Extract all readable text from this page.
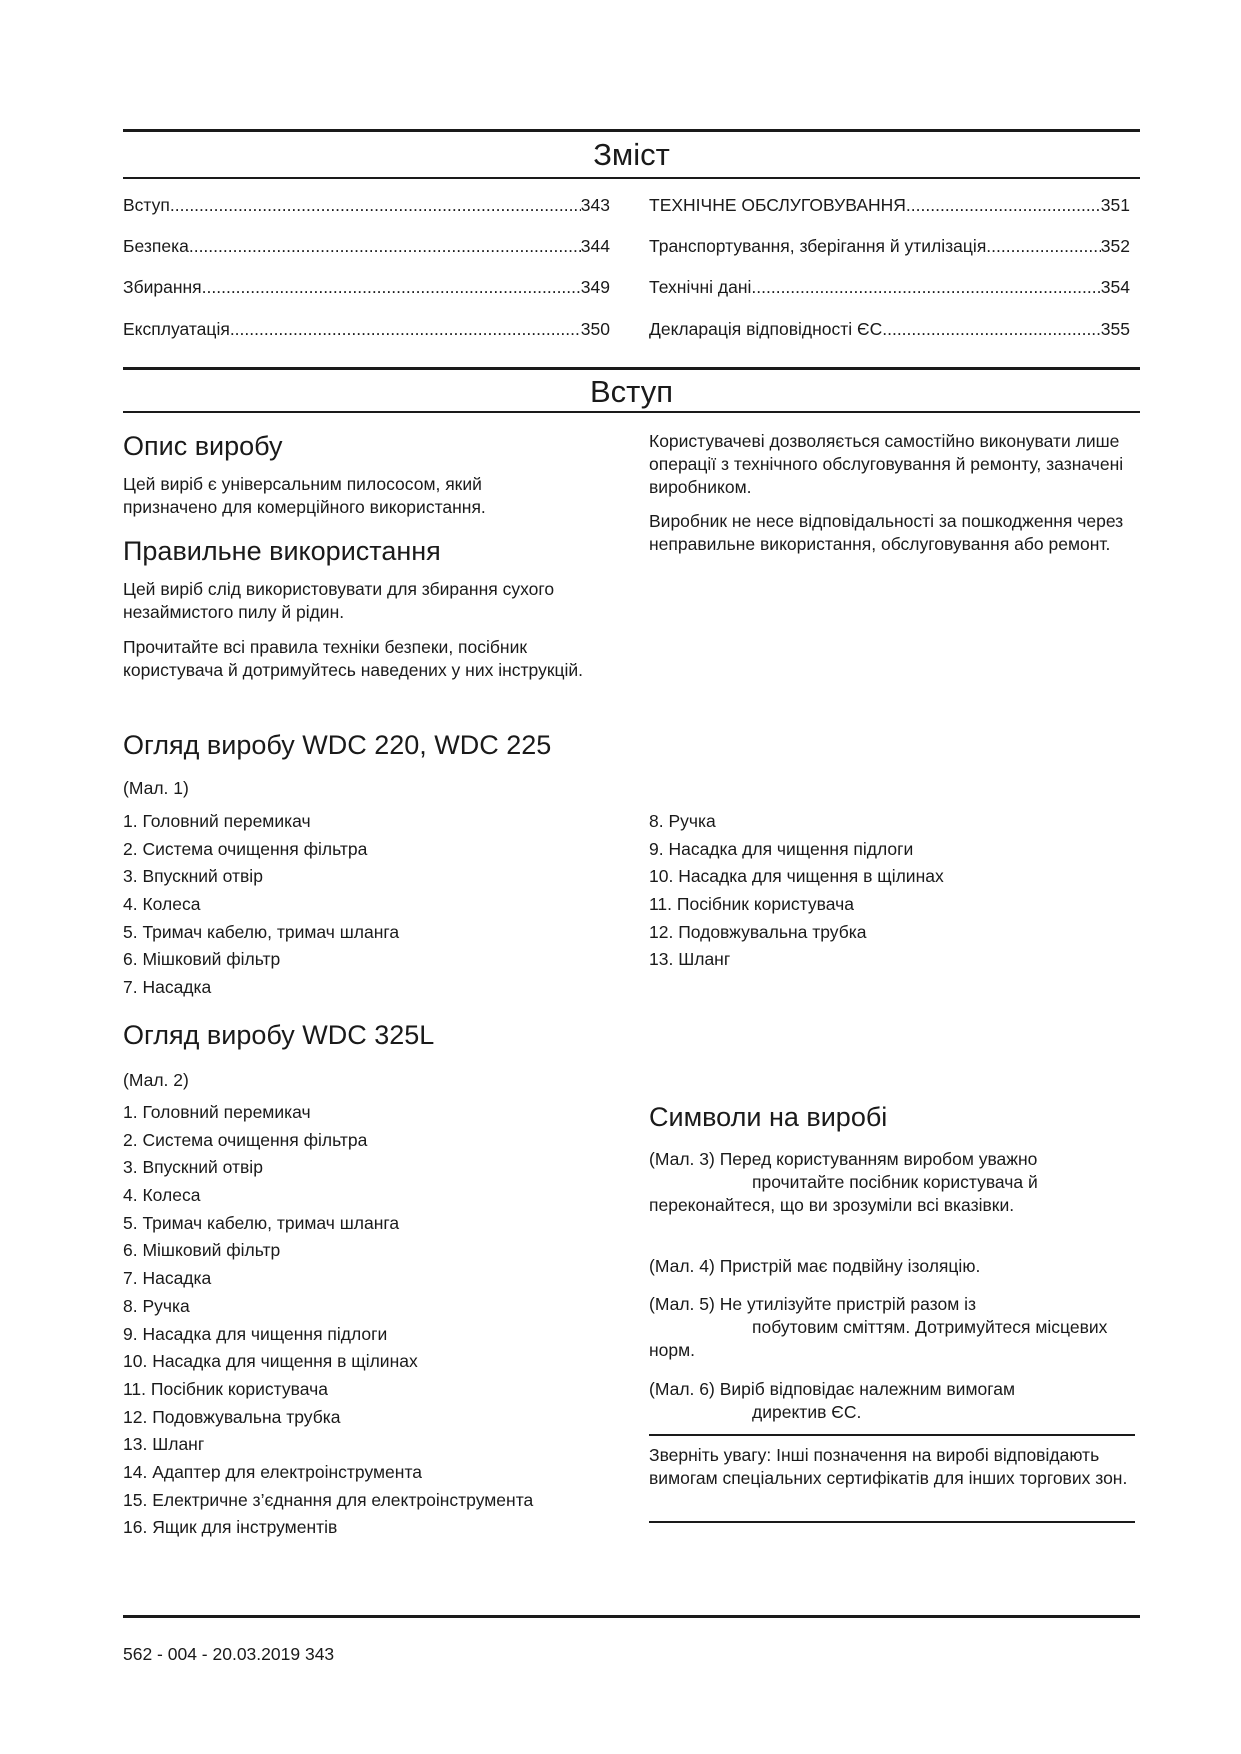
Зміст
Вступ .....	343
Безпека .....	344
Збирання .....	349
Експлуатація .....	350
ТЕХНІЧНЕ ОБСЛУГОВУВАННЯ .....	351
Транспортування, зберігання й утилізація .....	352
Технічні дані .....	354
Декларація відповідності ЄС .....	355
Вступ
Опис виробу
Цей виріб є універсальним пилососом, який призначено для комерційного використання.
Правильне використання
Цей виріб слід використовувати для збирання сухого незаймистого пилу й рідин.
Прочитайте всі правила техніки безпеки, посібник користувача й дотримуйтесь наведених у них інструкцій.
Користувачеві дозволяється самостійно виконувати лише операції з технічного обслуговування й ремонту, зазначені виробником.
Виробник не несе відповідальності за пошкодження через неправильне використання, обслуговування або ремонт.
Огляд виробу WDC 220, WDC 225
(Мал. 1)
1. Головний перемикач
2. Система очищення фільтра
3. Впускний отвір
4. Колеса
5. Тримач кабелю, тримач шланга
6. Мішковий фільтр
7. Насадка
8. Ручка
9. Насадка для чищення підлоги
10. Насадка для чищення в щілинах
11. Посібник користувача
12. Подовжувальна трубка
13. Шланг
Огляд виробу WDC 325L
(Мал. 2)
1. Головний перемикач
2. Система очищення фільтра
3. Впускний отвір
4. Колеса
5. Тримач кабелю, тримач шланга
6. Мішковий фільтр
7. Насадка
8. Ручка
9. Насадка для чищення підлоги
10. Насадка для чищення в щілинах
11. Посібник користувача
12. Подовжувальна трубка
13. Шланг
14. Адаптер для електроінструмента
15. Електричне з’єднання для електроінструмента
16. Ящик для інструментів
Символи на виробі
(Мал. 3) Перед користуванням виробом уважно прочитайте посібник користувача й переконайтеся, що ви зрозуміли всі вказівки.
(Мал. 4) Пристрій має подвійну ізоляцію.
(Мал. 5) Не утилізуйте пристрій разом із побутовим сміттям. Дотримуйтеся місцевих норм.
(Мал. 6) Виріб відповідає належним вимогам директив ЄС.
Зверніть увагу: Інші позначення на виробі відповідають вимогам спеціальних сертифікатів для інших торгових зон.
562 - 004 - 20.03.2019 343
